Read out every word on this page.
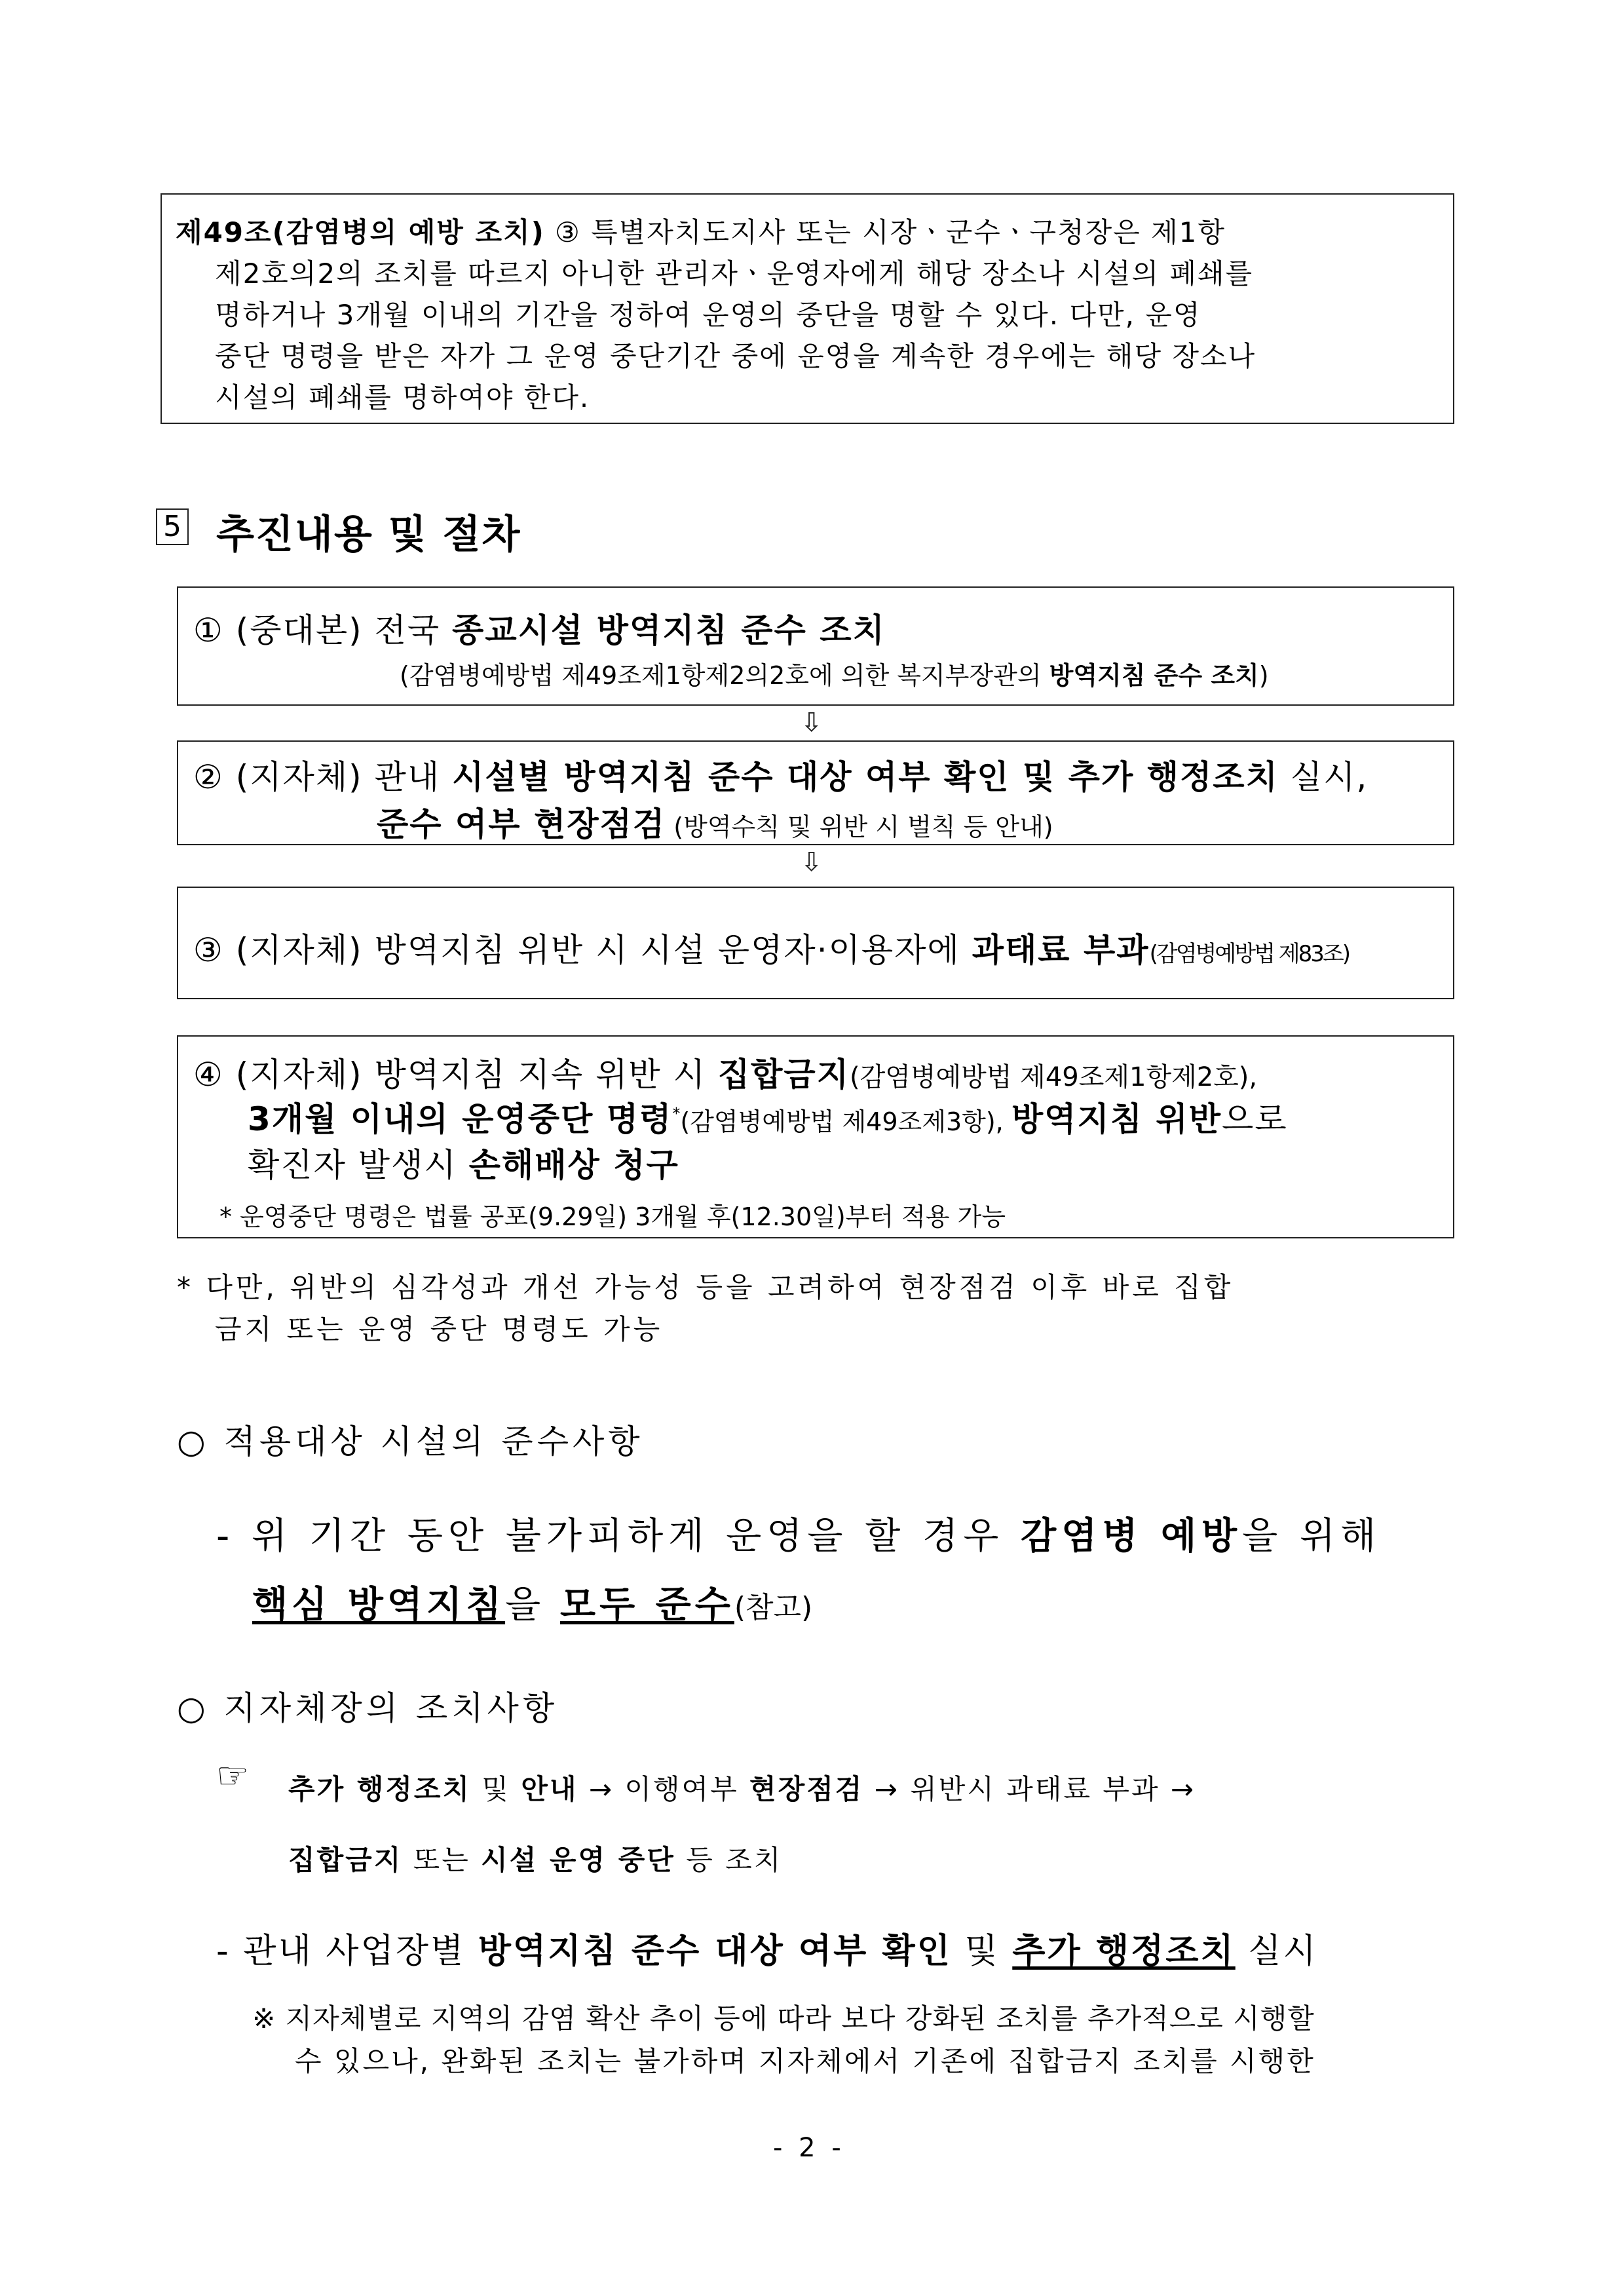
제49조(감염병의 예방 조치) ③ 특별자치도지사 또는 시장ㆍ군수ㆍ구청장은 제1항
제2호의2의 조치를 따르지 아니한 관리자ㆍ운영자에게 해당 장소나 시설의 폐쇄를
명하거나 3개월 이내의 기간을 정하여 운영의 중단을 명할 수 있다. 다만, 운영
중단 명령을 받은 자가 그 운영 중단기간 중에 운영을 계속한 경우에는 해당 장소나
시설의 폐쇄를 명하여야 한다.
5 추진내용 및 절차
① (중대본) 전국 종교시설 방역지침 준수 조치
(감염병예방법 제49조제1항제2의2호에 의한 복지부장관의 방역지침 준수 조치)
⇩
② (지자체) 관내 시설별 방역지침 준수 대상 여부 확인 및 추가 행정조치 실시,
준수 여부 현장점검 (방역수칙 및 위반 시 벌칙 등 안내)
⇩
③ (지자체) 방역지침 위반 시 시설 운영자·이용자에 과태료 부과(감염병예방법 제83조)
④ (지자체) 방역지침 지속 위반 시 집합금지(감염병예방법 제49조제1항제2호),
3개월 이내의 운영중단 명령*(감염병예방법 제49조제3항), 방역지침 위반으로
확진자 발생시 손해배상 청구
* 운영중단 명령은 법률 공포(9.29일) 3개월 후(12.30일)부터 적용 가능
* 다만, 위반의 심각성과 개선 가능성 등을 고려하여 현장점검 이후 바로 집합
금지 또는 운영 중단 명령도 가능
○ 적용대상 시설의 준수사항
- 위 기간 동안 불가피하게 운영을 할 경우 감염병 예방을 위해
핵심 방역지침을 모두 준수(참고)
○ 지자체장의 조치사항
☞ 추가 행정조치 및 안내 → 이행여부 현장점검 → 위반시 과태료 부과 →
집합금지 또는 시설 운영 중단 등 조치
- 관내 사업장별 방역지침 준수 대상 여부 확인 및 추가 행정조치 실시
※ 지자체별로 지역의 감염 확산 추이 등에 따라 보다 강화된 조치를 추가적으로 시행할
수 있으나, 완화된 조치는 불가하며 지자체에서 기존에 집합금지 조치를 시행한
- 2 -
